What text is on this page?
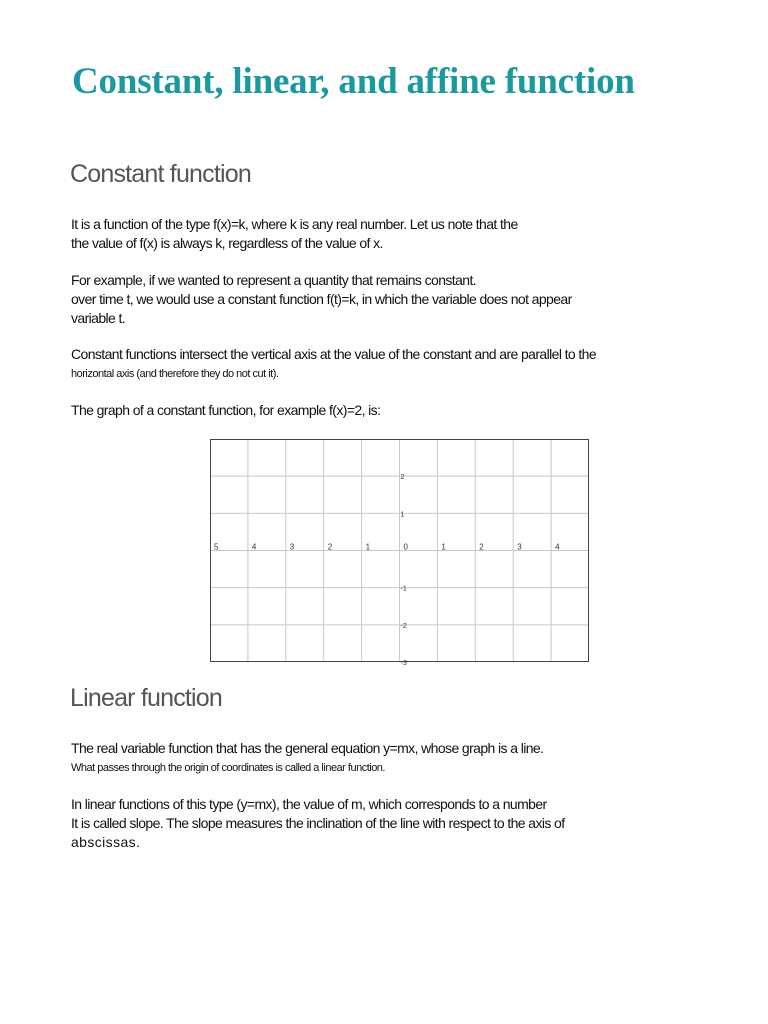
Constant, linear, and affine function
Constant function
It is a function of the type f(x)=k, where k is any real number. Let us note that the
the value of f(x) is always k, regardless of the value of x.
For example, if we wanted to represent a quantity that remains constant.
over time t, we would use a constant function f(t)=k, in which the variable does not appear
variable t.
Constant functions intersect the vertical axis at the value of the constant and are parallel to the
horizontal axis (and therefore they do not cut it).
The graph of a constant function, for example f(x)=2, is:
5	4	3	2	1	0	1	2	3	4
2
1
-1
-2
-3
Linear function
The real variable function that has the general equation y=mx, whose graph is a line.
What passes through the origin of coordinates is called a linear function.
In linear functions of this type (y=mx), the value of m, which corresponds to a number
It is called slope. The slope measures the inclination of the line with respect to the axis of
abscissas.
